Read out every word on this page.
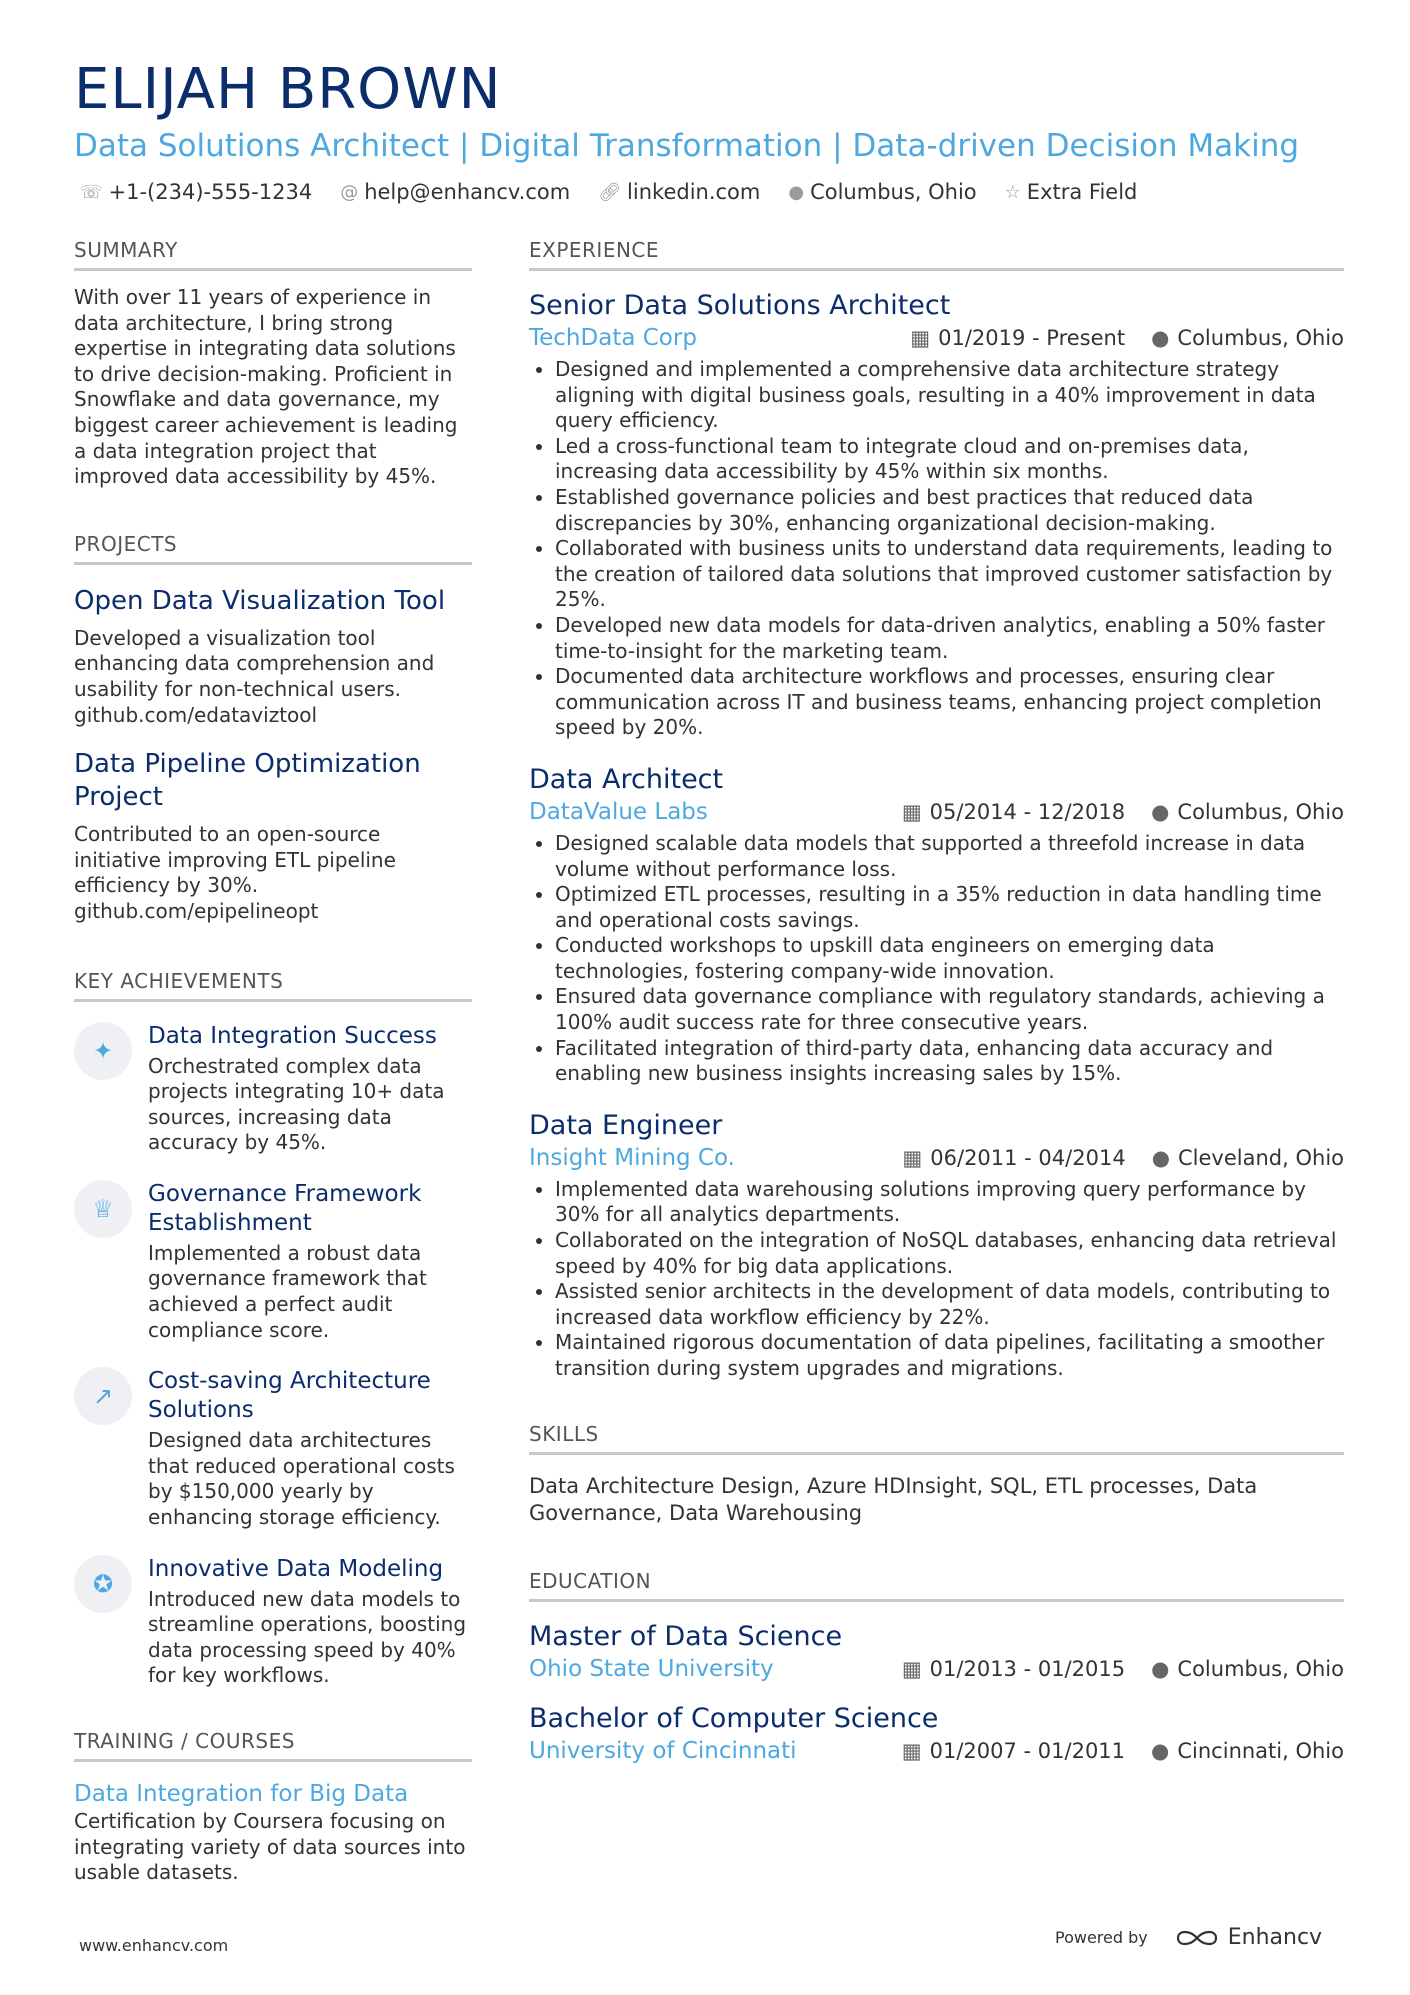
ELIJAH BROWN
Data Solutions Architect | Digital Transformation | Data-driven Decision Making
☏ +1-(234)-555-1234 @ help@enhancv.com 🔗︎ linkedin.com ● Columbus, Ohio ☆ Extra Field
SUMMARY
With over 11 years of experience in data architecture, I bring strong expertise in integrating data solutions to drive decision-making. Proficient in Snowflake and data governance, my biggest career achievement is leading a data integration project that improved data accessibility by 45%.
PROJECTS
Open Data Visualization Tool
Developed a visualization tool enhancing data comprehension and usability for non-technical users. github.com/edataviztool
Data Pipeline Optimization Project
Contributed to an open-source initiative improving ETL pipeline efficiency by 30%. github.com/epipelineopt
KEY ACHIEVEMENTS
✦
Data Integration Success
Orchestrated complex data projects integrating 10+ data sources, increasing data accuracy by 45%.
♕
Governance Framework Establishment
Implemented a robust data governance framework that achieved a perfect audit compliance score.
↗
Cost-saving Architecture Solutions
Designed data architectures that reduced operational costs by $150,000 yearly by enhancing storage efficiency.
✪
Innovative Data Modeling
Introduced new data models to streamline operations, boosting data processing speed by 40% for key workflows.
TRAINING / COURSES
Data Integration for Big Data
Certification by Coursera focusing on integrating variety of data sources into usable datasets.
EXPERIENCE
Senior Data Solutions Architect
TechData Corp	▦ 01/2019 - Present ● Columbus, Ohio
• Designed and implemented a comprehensive data architecture strategy aligning with digital business goals, resulting in a 40% improvement in data query efficiency.
• Led a cross-functional team to integrate cloud and on-premises data, increasing data accessibility by 45% within six months.
• Established governance policies and best practices that reduced data discrepancies by 30%, enhancing organizational decision-making.
• Collaborated with business units to understand data requirements, leading to the creation of tailored data solutions that improved customer satisfaction by 25%.
• Developed new data models for data-driven analytics, enabling a 50% faster time-to-insight for the marketing team.
• Documented data architecture workflows and processes, ensuring clear communication across IT and business teams, enhancing project completion speed by 20%.
Data Architect
DataValue Labs	▦ 05/2014 - 12/2018 ● Columbus, Ohio
• Designed scalable data models that supported a threefold increase in data volume without performance loss.
• Optimized ETL processes, resulting in a 35% reduction in data handling time and operational costs savings.
• Conducted workshops to upskill data engineers on emerging data technologies, fostering company-wide innovation.
• Ensured data governance compliance with regulatory standards, achieving a 100% audit success rate for three consecutive years.
• Facilitated integration of third-party data, enhancing data accuracy and enabling new business insights increasing sales by 15%.
Data Engineer
Insight Mining Co.	▦ 06/2011 - 04/2014 ● Cleveland, Ohio
• Implemented data warehousing solutions improving query performance by 30% for all analytics departments.
• Collaborated on the integration of NoSQL databases, enhancing data retrieval speed by 40% for big data applications.
• Assisted senior architects in the development of data models, contributing to increased data workflow efficiency by 22%.
• Maintained rigorous documentation of data pipelines, facilitating a smoother transition during system upgrades and migrations.
SKILLS
Data Architecture Design, Azure HDInsight, SQL, ETL processes, Data Governance, Data Warehousing
EDUCATION
Master of Data Science
Ohio State University	▦ 01/2013 - 01/2015 ● Columbus, Ohio
Bachelor of Computer Science
University of Cincinnati	▦ 01/2007 - 01/2011 ● Cincinnati, Ohio
www.enhancv.com	Powered by	Enhancv
